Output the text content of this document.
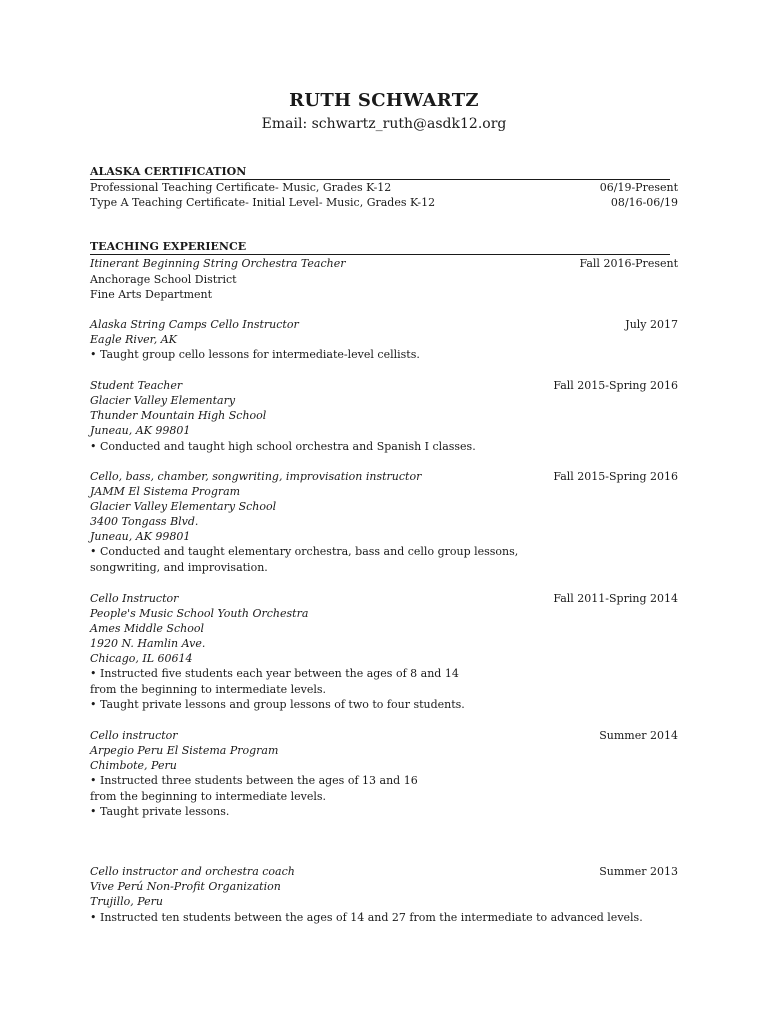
RUTH SCHWARTZ
Email: schwartz_ruth@asdk12.org
ALASKA CERTIFICATION
Professional Teaching Certificate- Music, Grades K-12	06/19-Present
Type A Teaching Certificate- Initial Level- Music, Grades K-12	08/16-06/19
TEACHING EXPERIENCE
Itinerant Beginning String Orchestra Teacher	Fall 2016-Present
Anchorage School District
Fine Arts Department
Alaska String Camps Cello Instructor	July 2017
Eagle River, AK
• Taught group cello lessons for intermediate-level cellists.
Student Teacher	Fall 2015-Spring 2016
Glacier Valley Elementary
Thunder Mountain High School
Juneau, AK 99801
• Conducted and taught high school orchestra and Spanish I classes.
Cello, bass, chamber, songwriting, improvisation instructor	Fall 2015-Spring 2016
JAMM El Sistema Program
Glacier Valley Elementary School
3400 Tongass Blvd.
Juneau, AK 99801
• Conducted and taught elementary orchestra, bass and cello group lessons,
songwriting, and improvisation.
Cello Instructor	Fall 2011-Spring 2014
People's Music School Youth Orchestra
Ames Middle School
1920 N. Hamlin Ave.
Chicago, IL 60614
• Instructed five students each year between the ages of 8 and 14
from the beginning to intermediate levels.
• Taught private lessons and group lessons of two to four students.
Cello instructor	Summer 2014
Arpegio Peru El Sistema Program
Chimbote, Peru
• Instructed three students between the ages of 13 and 16
from the beginning to intermediate levels.
• Taught private lessons.
Cello instructor and orchestra coach	Summer 2013
Vive Perú Non-Profit Organization
Trujillo, Peru
• Instructed ten students between the ages of 14 and 27 from the intermediate to advanced levels.
